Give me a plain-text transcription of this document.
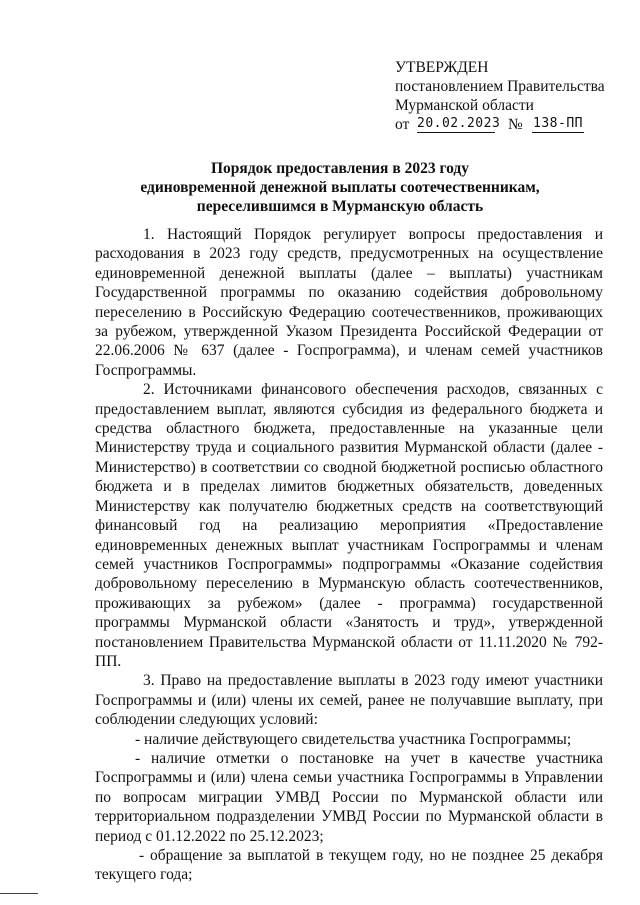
УТВЕРЖДЕН
постановлением Правительства
Мурманской области
от 20.02.2023 № 138-ПП
Порядок предоставления в 2023 году
единовременной денежной выплаты соотечественникам,
переселившимся в Мурманскую область

1. Настоящий Порядок регулирует вопросы предоставления и расходования в 2023 году средств, предусмотренных на осуществление единовременной денежной выплаты (далее – выплаты) участникам Государственной программы по оказанию содействия добровольному переселению в Российскую Федерацию соотечественников, проживающих за рубежом, утвержденной Указом Президента Российской Федерации от 22.06.2006 № 637 (далее - Госпрограмма), и членам семей участников Госпрограммы.

2. Источниками финансового обеспечения расходов, связанных с предоставлением выплат, являются субсидия из федерального бюджета и средства областного бюджета, предоставленные на указанные цели Министерству труда и социального развития Мурманской области (далее - Министерство) в соответствии со сводной бюджетной росписью областного бюджета и в пределах лимитов бюджетных обязательств, доведенных Министерству как получателю бюджетных средств на соответствующий финансовый год на реализацию мероприятия «Предоставление единовременных денежных выплат участникам Госпрограммы и членам семей участников Госпрограммы» подпрограммы «Оказание содействия добровольному переселению в Мурманскую область соотечественников, проживающих за рубежом» (далее - программа) государственной программы Мурманской области «Занятость и труд», утвержденной постановлением Правительства Мурманской области от 11.11.2020 № 792-ПП.

3. Право на предоставление выплаты в 2023 году имеют участники Госпрограммы и (или) члены их семей, ранее не получавшие выплату, при соблюдении следующих условий:

- наличие действующего свидетельства участника Госпрограммы;

- наличие отметки о постановке на учет в качестве участника Госпрограммы и (или) члена семьи участника Госпрограммы в Управлении по вопросам миграции УМВД России по Мурманской области или территориальном подразделении УМВД России по Мурманской области в период с 01.12.2022 по 25.12.2023;

- обращение за выплатой в текущем году, но не позднее 25 декабря текущего года;
